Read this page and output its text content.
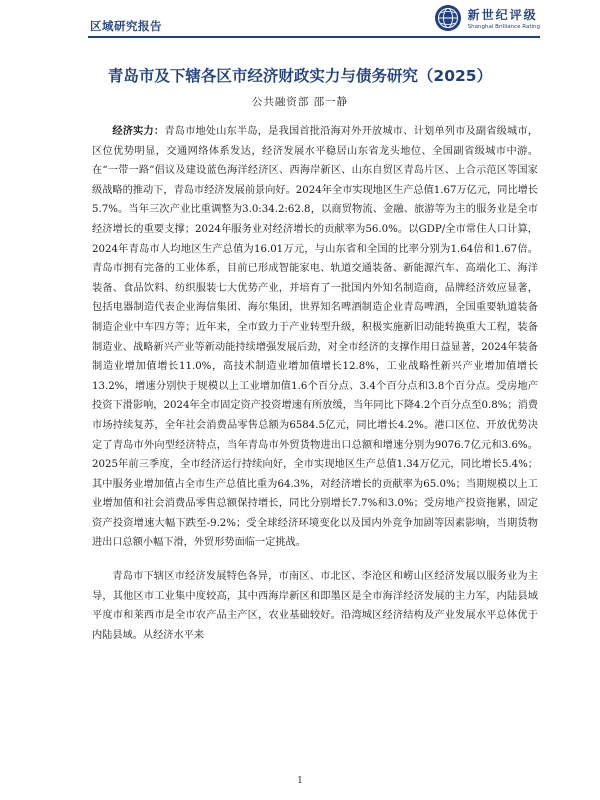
区域研究报告
新世纪评级
Shanghai Brilliance Rating
青岛市及下辖各区市经济财政实力与债务研究（2025）
公共融资部 邵一静

经济实力：青岛市地处山东半岛，是我国首批沿海对外开放城市、计划单列市及副省级城市，区位优势明显，交通网络体系发达，经济发展水平稳居山东省龙头地位、全国副省级城市中游。在“一带一路”倡议及建设蓝色海洋经济区、西海岸新区、山东自贸区青岛片区、上合示范区等国家级战略的推动下，青岛市经济发展前景向好。2024年全市实现地区生产总值1.67万亿元，同比增长5.7%。当年三次产业比重调整为3.0:34.2:62.8，以商贸物流、金融、旅游等为主的服务业是全市经济增长的重要支撑；2024年服务业对经济增长的贡献率为56.0%。以GDP/全市常住人口计算，2024年青岛市人均地区生产总值为16.01万元，与山东省和全国的比率分别为1.64倍和1.67倍。青岛市拥有完备的工业体系，目前已形成智能家电、轨道交通装备、新能源汽车、高端化工、海洋装备、食品饮料、纺织服装七大优势产业，并培育了一批国内外知名制造商，品牌经济效应显著，包括电器制造代表企业海信集团、海尔集团，世界知名啤酒制造企业青岛啤酒，全国重要轨道装备制造企业中车四方等；近年来，全市致力于产业转型升级，积极实施新旧动能转换重大工程，装备制造业、战略新兴产业等新动能持续增强发展后劲，对全市经济的支撑作用日益显著，2024年装备制造业增加值增长11.0%，高技术制造业增加值增长12.8%，工业战略性新兴产业增加值增长13.2%，增速分别快于规模以上工业增加值1.6个百分点、3.4个百分点和3.8个百分点。受房地产投资下滑影响，2024年全市固定资产投资增速有所放缓，当年同比下降4.2个百分点至0.8%；消费市场持续复苏，全年社会消费品零售总额为6584.5亿元，同比增长4.2%。港口区位、开放优势决定了青岛市外向型经济特点，当年青岛市外贸货物进出口总额和增速分别为9076.7亿元和3.6%。2025年前三季度，全市经济运行持续向好，全市实现地区生产总值1.34万亿元，同比增长5.4%；其中服务业增加值占全市生产总值比重为64.3%，对经济增长的贡献率为65.0%；当期规模以上工业增加值和社会消费品零售总额保持增长，同比分别增长7.7%和3.0%；受房地产投资拖累，固定资产投资增速大幅下跌至-9.2%；受全球经济环境变化以及国内外竞争加剧等因素影响，当期货物进出口总额小幅下滑，外贸形势面临一定挑战。

青岛市下辖区市经济发展特色各异，市南区、市北区、李沧区和崂山区经济发展以服务业为主导，其他区市工业集中度较高，其中西海岸新区和即墨区是全市海洋经济发展的主力军，内陆县域平度市和莱西市是全市农产品主产区，农业基础较好。沿湾城区经济结构及产业发展水平总体优于内陆县域。从经济水平来

1
